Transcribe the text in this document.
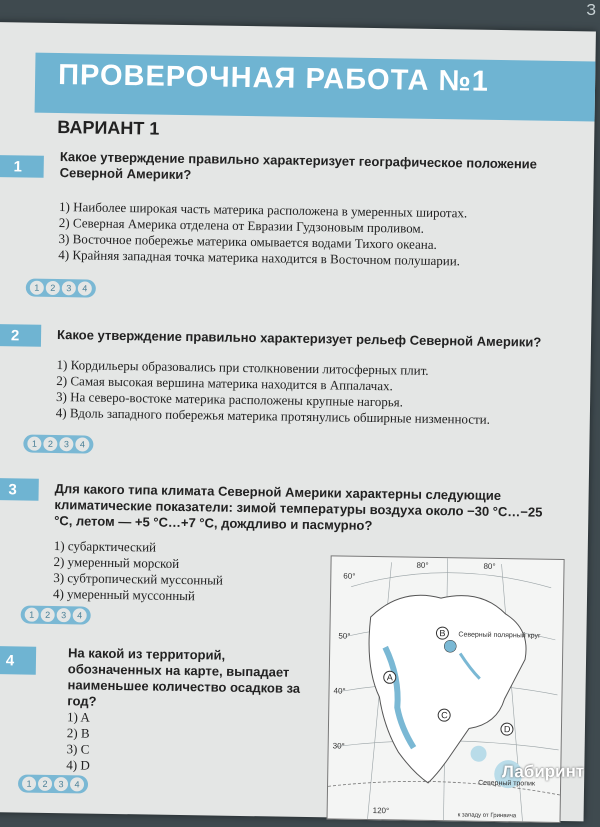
ПРОВЕРОЧНАЯ РАБОТА №1
ВАРИАНТ 1
1	Какое утверждение правильно характеризует географическое положение Северной Америки?
1) Наиболее широкая часть материка расположена в умеренных широтах.
2) Северная Америка отделена от Евразии Гудзоновым проливом.
3) Восточное побережье материка омывается водами Тихого океана.
4) Крайняя западная точка материка находится в Восточном полушарии.
1	2	3	4
2	Какое утверждение правильно характеризует рельеф Северной Америки?
1) Кордильеры образовались при столкновении литосферных плит.
2) Самая высокая вершина материка находится в Аппалачах.
3) На северо-востоке материка расположены крупные нагорья.
4) Вдоль западного побережья материка протянулись обширные низменности.
1	2	3	4
3	Для какого типа климата Северной Америки характерны следующие климатические показатели: зимой температуры воздуха около −30 °C…−25 °C, летом — +5 °C…+7 °C, дождливо и пасмурно?
1) субарктический
2) умеренный морской
3) субтропический муссонный
4) умеренный муссонный
1	2	3	4
4	На какой из территорий, обозначенных на карте, выпадает наименьшее количество осадков за год?
1) A
2) B
3) C
4) D
1	2	3	4
60°
50°
40°
30°
80°	80°
120°
Северный полярный круг
Северный тропик
к западу от Гринвича
A
B
C
D
З
Лабиринт
